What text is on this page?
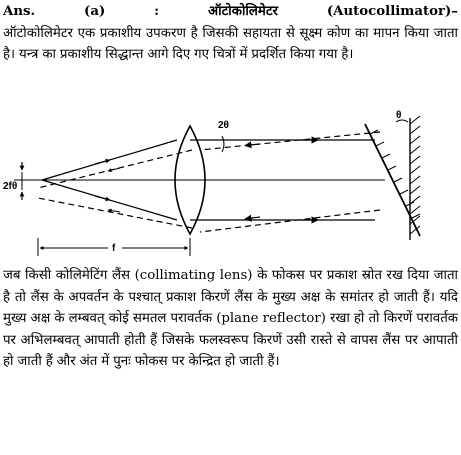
Ans.	(a)	:	ऑटोकोलिमेटर	(Autocollimator)–
ऑटोकोलिमेटर एक प्रकाशीय उपकरण है जिसकी सहायता से सूक्ष्म कोण का मापन किया जाता है। यन्त्र का प्रकाशीय सिद्धान्त आगे दिए गए चित्रों में प्रदर्शित किया गया है।
2θ
θ
2fθ
f
जब किसी कोलिमेटिंग लैंस (collimating lens) के फोकस पर प्रकाश स्रोत रख दिया जाता है तो लैंस के अपवर्तन के पश्चात् प्रकाश किरणें लैंस के मुख्य अक्ष के समांतर हो जाती हैं। यदि मुख्य अक्ष के लम्बवत् कोई समतल परावर्तक (plane reflector) रखा हो तो किरणें परावर्तक पर अभिलम्बवत् आपाती होती हैं जिसके फलस्वरूप किरणें उसी रास्ते से वापस लैंस पर आपाती हो जाती हैं और अंत में पुनः फोकस पर केन्द्रित हो जाती हैं।
